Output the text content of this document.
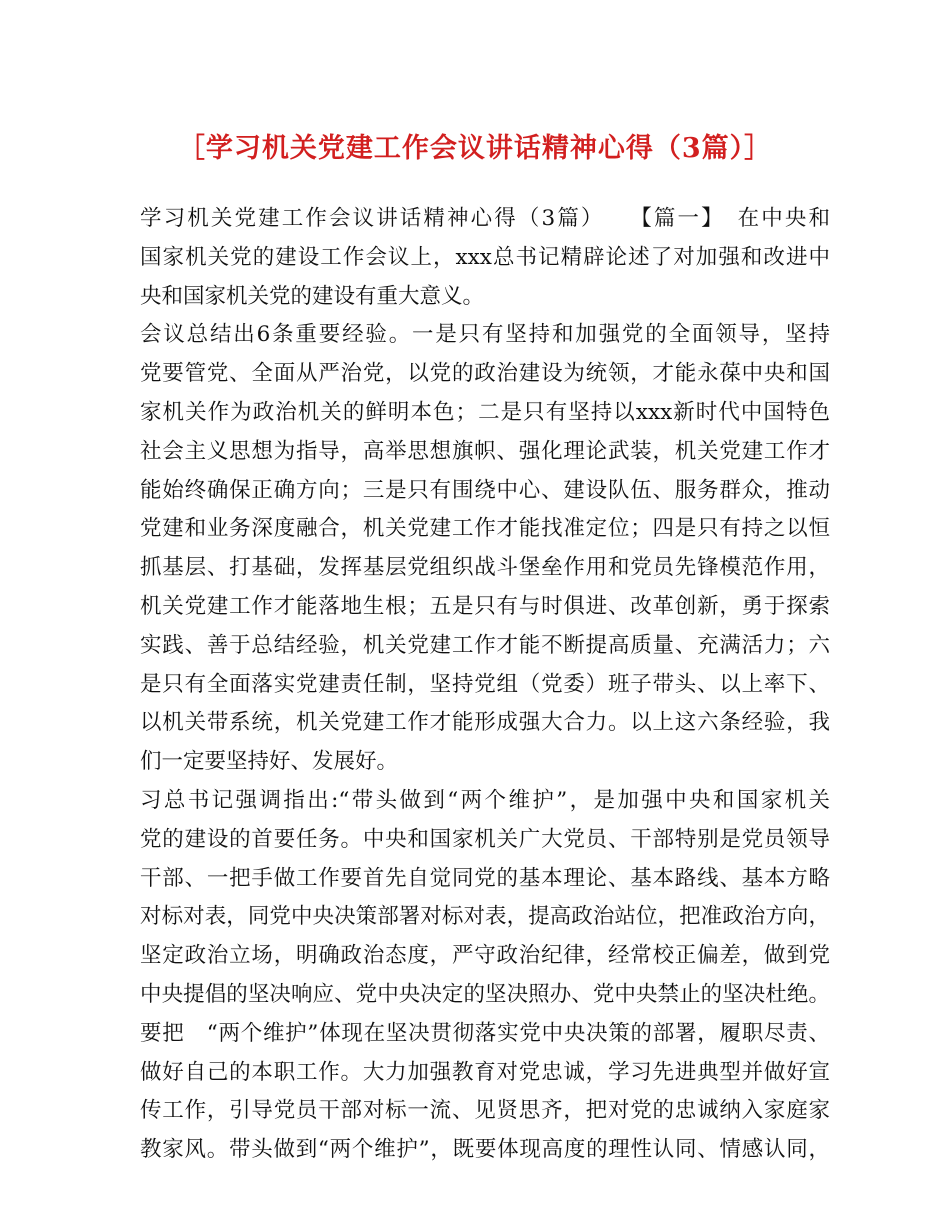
［学习机关党建工作会议讲话精神心得（3篇）］
学习机关党建工作会议讲话精神心得（3篇）　　【篇一】　在中央和
国家机关党的建设工作会议上，xxx总书记精辟论述了对加强和改进中
央和国家机关党的建设有重大意义。
会议总结出6条重要经验。一是只有坚持和加强党的全面领导，坚持
党要管党、全面从严治党，以党的政治建设为统领，才能永葆中央和国
家机关作为政治机关的鲜明本色；二是只有坚持以xxx新时代中国特色
社会主义思想为指导，高举思想旗帜、强化理论武装，机关党建工作才
能始终确保正确方向；三是只有围绕中心、建设队伍、服务群众，推动
党建和业务深度融合，机关党建工作才能找准定位；四是只有持之以恒
抓基层、打基础，发挥基层党组织战斗堡垒作用和党员先锋模范作用，
机关党建工作才能落地生根；五是只有与时俱进、改革创新，勇于探索
实践、善于总结经验，机关党建工作才能不断提高质量、充满活力；六
是只有全面落实党建责任制，坚持党组（党委）班子带头、以上率下、
以机关带系统，机关党建工作才能形成强大合力。以上这六条经验，我
们一定要坚持好、发展好。
习总书记强调指出:“带头做到“两个维护”，是加强中央和国家机关
党的建设的首要任务。中央和国家机关广大党员、干部特别是党员领导
干部、一把手做工作要首先自觉同党的基本理论、基本路线、基本方略
对标对表，同党中央决策部署对标对表，提高政治站位，把准政治方向，
坚定政治立场，明确政治态度，严守政治纪律，经常校正偏差，做到党
中央提倡的坚决响应、党中央决定的坚决照办、党中央禁止的坚决杜绝。
要把　“两个维护”体现在坚决贯彻落实党中央决策的部署，履职尽责、
做好自己的本职工作。大力加强教育对党忠诚，学习先进典型并做好宣
传工作，引导党员干部对标一流、见贤思齐，把对党的忠诚纳入家庭家
教家风。带头做到“两个维护”，既要体现高度的理性认同、情感认同，
